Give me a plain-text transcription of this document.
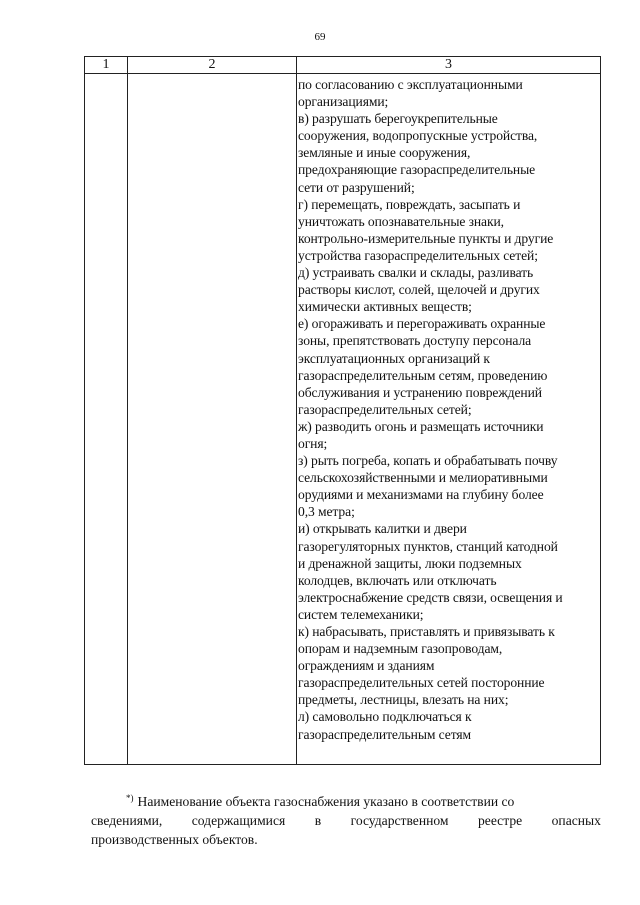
69
1	2	3
по согласованию с эксплуатационными
организациями;
в) разрушать берегоукрепительные
сооружения, водопропускные устройства,
земляные и иные сооружения,
предохраняющие газораспределительные
сети от разрушений;
г) перемещать, повреждать, засыпать и
уничтожать опознавательные знаки,
контрольно-измерительные пункты и другие
устройства газораспределительных сетей;
д) устраивать свалки и склады, разливать
растворы кислот, солей, щелочей и других
химически активных веществ;
е) огораживать и перегораживать охранные
зоны, препятствовать доступу персонала
эксплуатационных организаций к
газораспределительным сетям, проведению
обслуживания и устранению повреждений
газораспределительных сетей;
ж) разводить огонь и размещать источники
огня;
з) рыть погреба, копать и обрабатывать почву
сельскохозяйственными и мелиоративными
орудиями и механизмами на глубину более
0,3 метра;
и) открывать калитки и двери
газорегуляторных пунктов, станций катодной
и дренажной защиты, люки подземных
колодцев, включать или отключать
электроснабжение средств связи, освещения и
систем телемеханики;
к) набрасывать, приставлять и привязывать к
опорам и надземным газопроводам,
ограждениям и зданиям
газораспределительных сетей посторонние
предметы, лестницы, влезать на них;
л) самовольно подключаться к
газораспределительным сетям
*) Наименование объекта газоснабжения указано в соответствии со
сведениями, содержащимися в государственном реестре опасных
производственных объектов.
